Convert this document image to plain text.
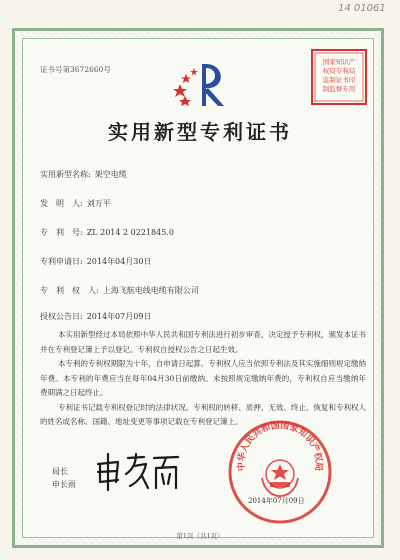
14 01061
证书号第3672660号
国家知识产
权局专利局
监制证书印
制监督专用
实用新型专利证书
实用新型名称: 架空电缆
发　明　人: 刘万平
专　利　号: ZL 2014 2 0221845.0
专利申请日: 2014年04月30日
专　利　权　人: 上海飞航电线电缆有限公司
授权公告日: 2014年07月09日

本实用新型经过本局依照中华人民共和国专利法进行初步审查，决定授予专利权，颁发本证书并在专利登记簿上予以登记。专利权自授权公告之日起生效。

本专利的专利权期限为十年，自申请日起算。专利权人应当依照专利法及其实施细则规定缴纳年费。本专利的年费应当在每年04月30日前缴纳。未按照规定缴纳年费的，专利权自应当缴纳年费期满之日起终止。

专利证书记载专利权登记时的法律状况。专利权的转移、质押、无效、终止、恢复和专利权人的姓名或名称、国籍、地址变更等事项记载在专利登记簿上。

局长
申长雨
中华人民共和国国家知识产权局
2014年07月09日
第1页（共1页）
